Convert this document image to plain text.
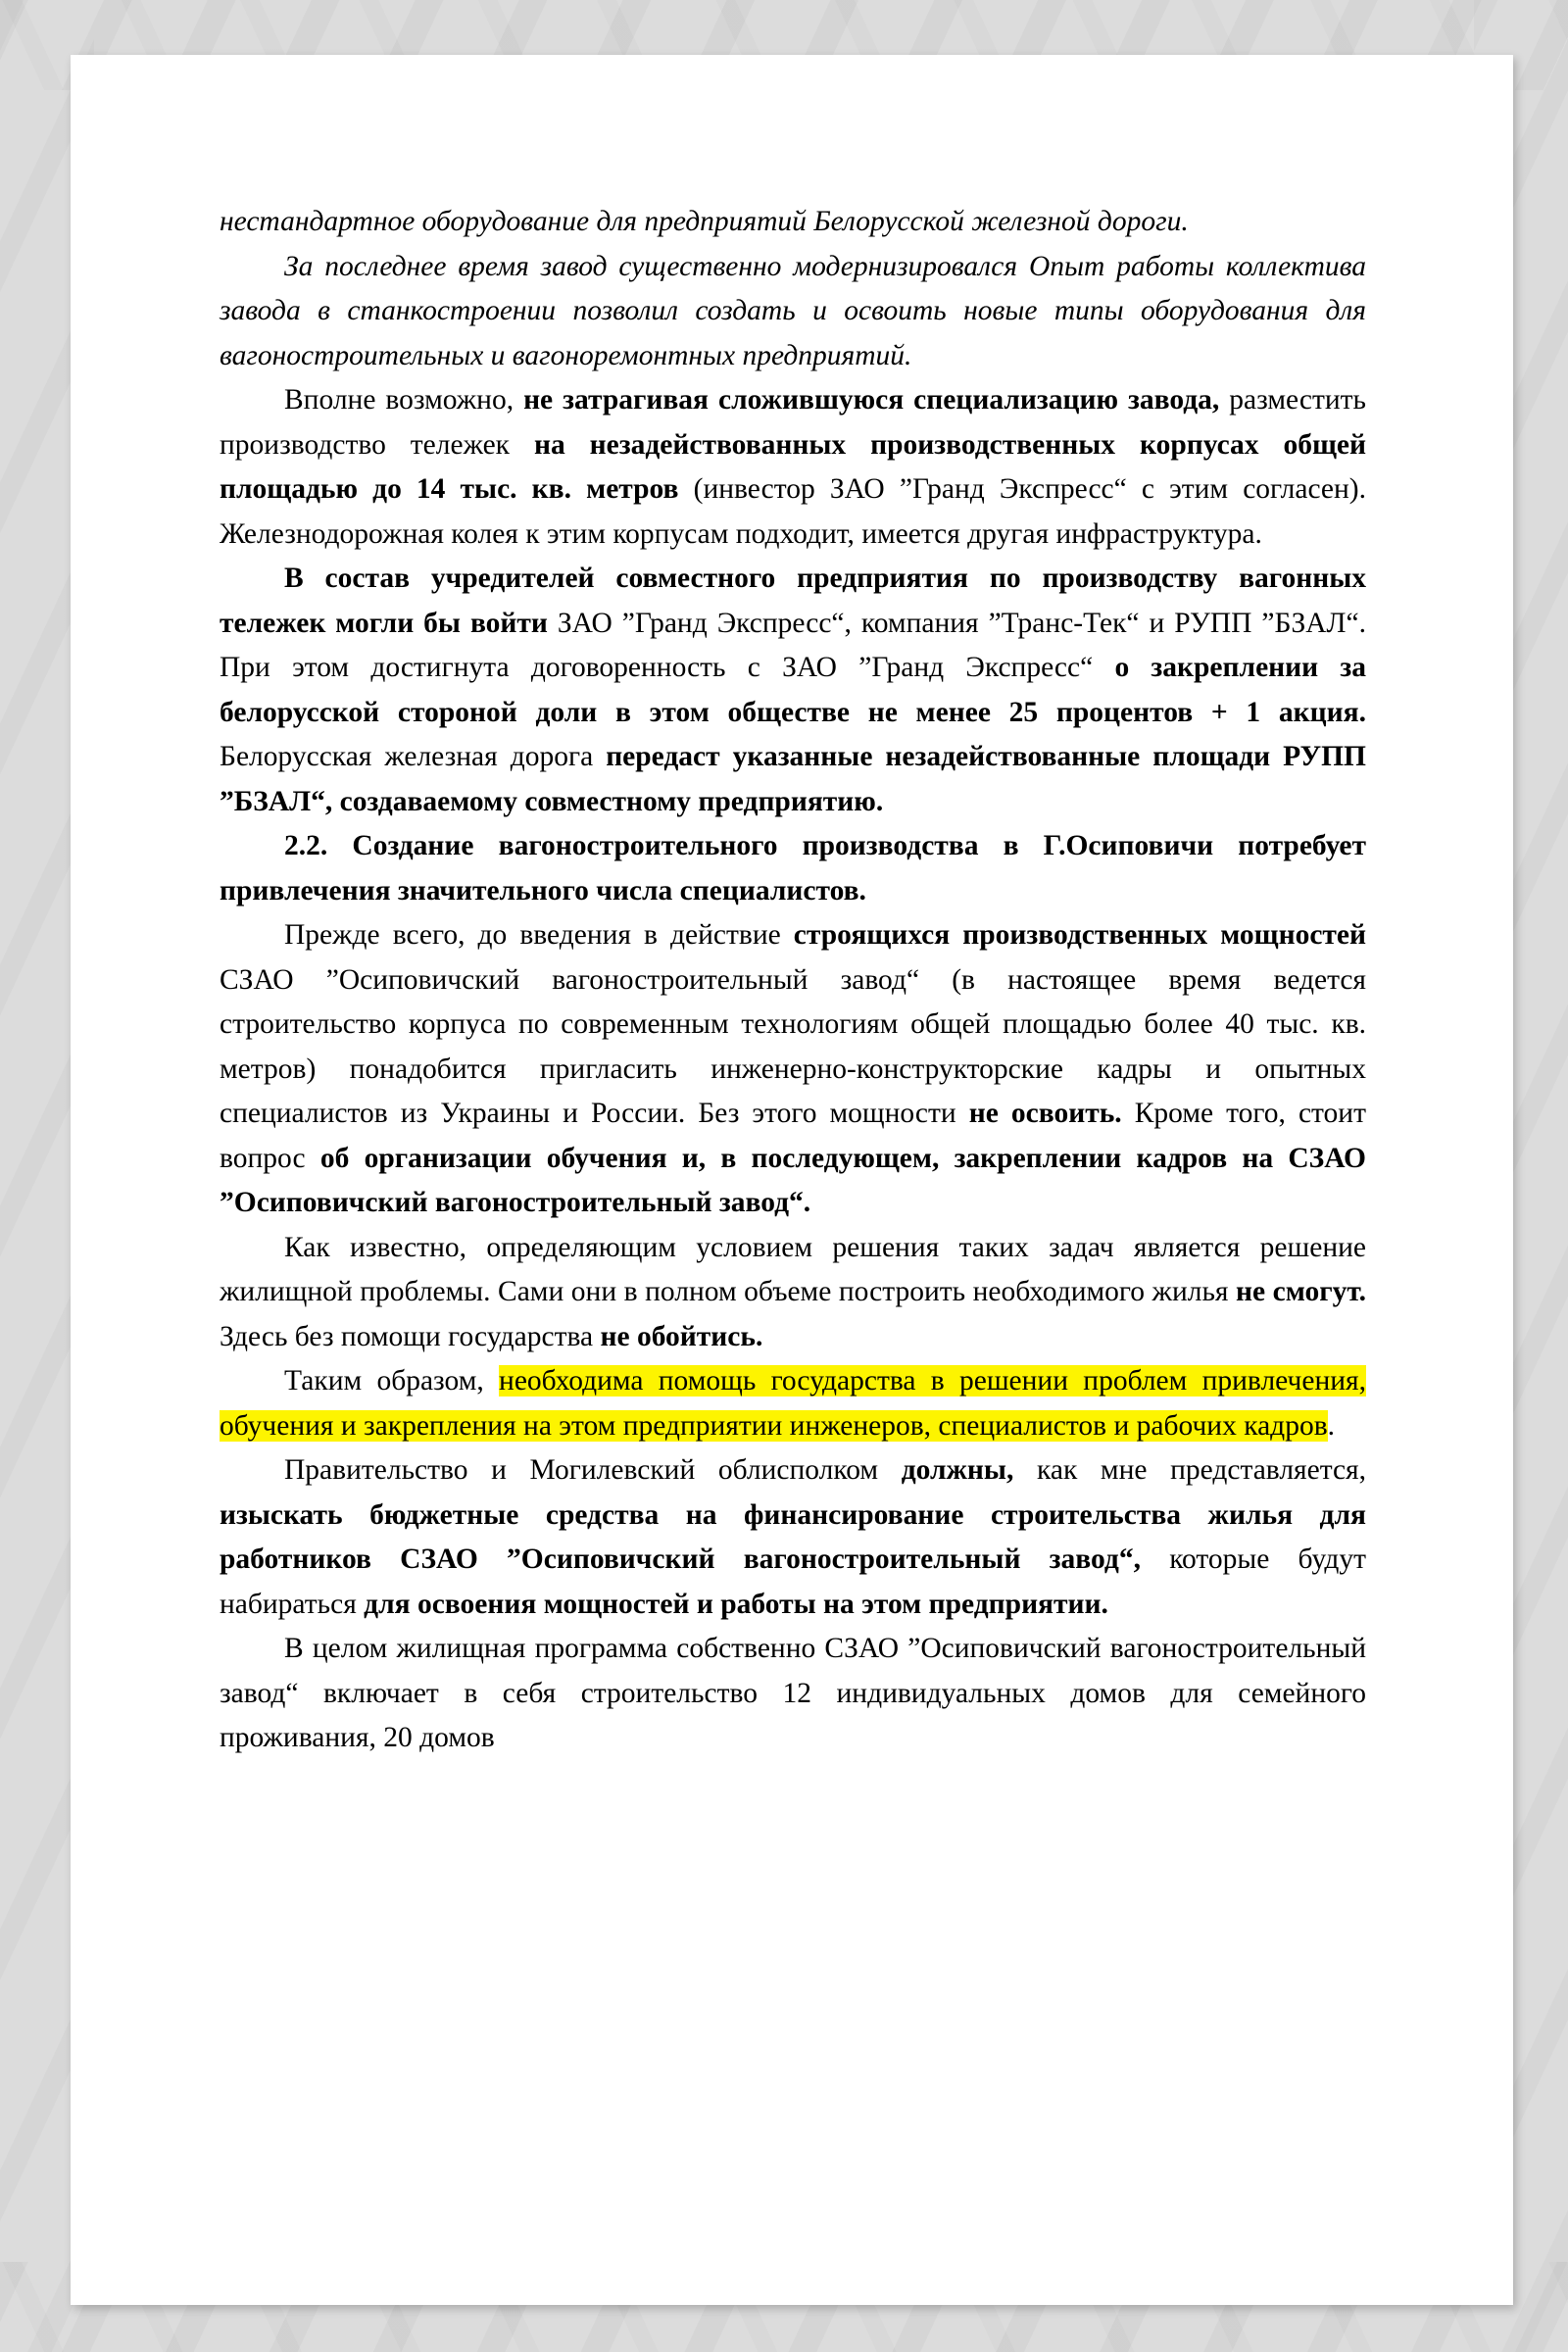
нестандартное оборудование для предприятий Белорусской железной дороги.

За последнее время завод существенно модернизировался Опыт работы коллектива завода в станкостроении позволил создать и освоить новые типы оборудования для вагоностроительных и вагоноремонтных предприятий.

Вполне возможно, не затрагивая сложившуюся специализацию завода, разместить производство тележек на незадействованных производственных корпусах общей площадью до 14 тыс. кв. метров (инвестор ЗАО ”Гранд Экспресс“ с этим согласен). Железнодорожная колея к этим корпусам подходит, имеется другая инфраструктура.

В состав учредителей совместного предприятия по производству вагонных тележек могли бы войти ЗАО ”Гранд Экспресс“, компания ”Транс-Тек“ и РУПП ”БЗАЛ“. При этом достигнута договоренность с ЗАО ”Гранд Экспресс“ о закреплении за белорусской стороной доли в этом обществе не менее 25 процентов + 1 акция. Белорусская железная дорога передаст указанные незадействованные площади РУПП ”БЗАЛ“, создаваемому совместному предприятию.

2.2. Создание вагоностроительного производства в Г.Осиповичи потребует привлечения значительного числа специалистов.

Прежде всего, до введения в действие строящихся производственных мощностей СЗАО ”Осиповичский вагоностроительный завод“ (в настоящее время ведется строительство корпуса по современным технологиям общей площадью более 40 тыс. кв. метров) понадобится пригласить инженерно-конструкторские кадры и опытных специалистов из Украины и России. Без этого мощности не освоить. Кроме того, стоит вопрос об организации обучения и, в последующем, закреплении кадров на СЗАО ”Осиповичский вагоностроительный завод“.

Как известно, определяющим условием решения таких задач является решение жилищной проблемы. Сами они в полном объеме построить необходимого жилья не смогут. Здесь без помощи государства не обойтись.

Таким образом, необходима помощь государства в решении проблем привлечения, обучения и закрепления на этом предприятии инженеров, специалистов и рабочих кадров.

Правительство и Могилевский облисполком должны, как мне представляется, изыскать бюджетные средства на финансирование строительства жилья для работников СЗАО ”Осиповичский вагоностроительный завод“, которые будут набираться для освоения мощностей и работы на этом предприятии.

В целом жилищная программа собственно СЗАО ”Осиповичский вагоностроительный завод“ включает в себя строительство 12 индивидуальных домов для семейного проживания, 20 домов
